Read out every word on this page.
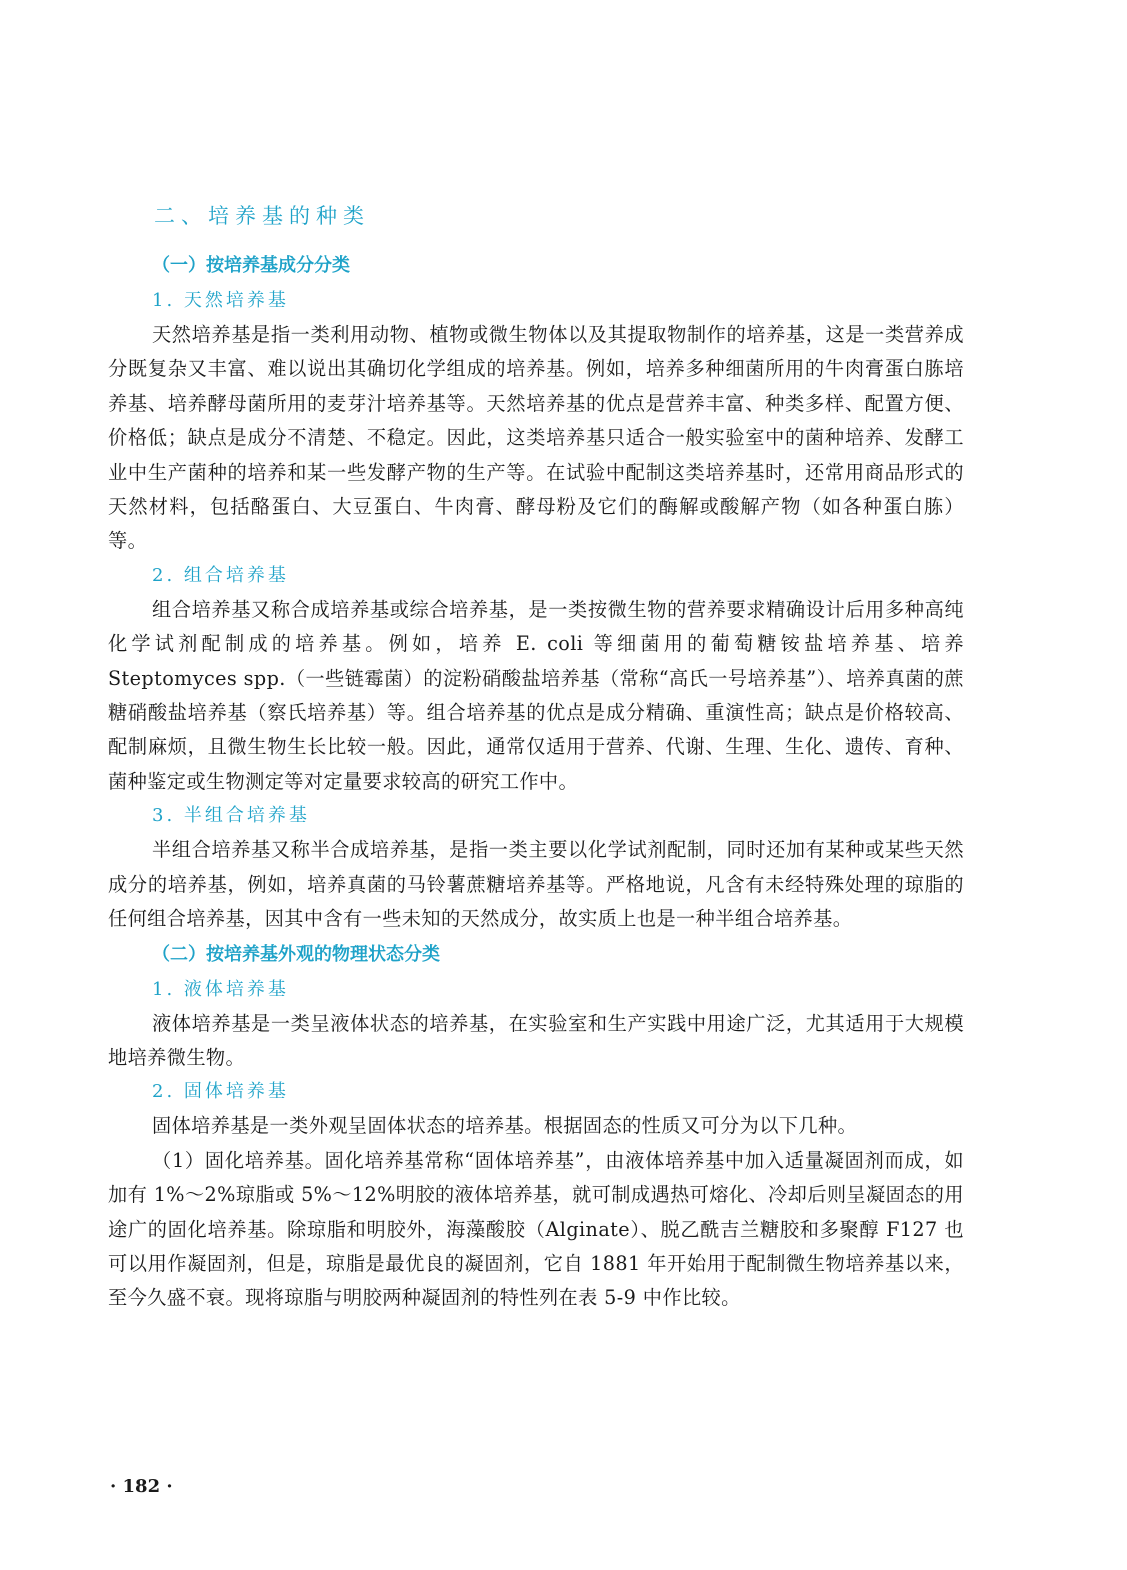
二、培养基的种类
（一）按培养基成分分类
1. 天然培养基

天然培养基是指一类利用动物、植物或微生物体以及其提取物制作的培养基，这是一类营养成分既复杂又丰富、难以说出其确切化学组成的培养基。例如，培养多种细菌所用的牛肉膏蛋白胨培养基、培养酵母菌所用的麦芽汁培养基等。天然培养基的优点是营养丰富、种类多样、配置方便、价格低；缺点是成分不清楚、不稳定。因此，这类培养基只适合一般实验室中的菌种培养、发酵工业中生产菌种的培养和某一些发酵产物的生产等。在试验中配制这类培养基时，还常用商品形式的天然材料，包括酪蛋白、大豆蛋白、牛肉膏、酵母粉及它们的酶解或酸解产物（如各种蛋白胨）等。

2. 组合培养基

组合培养基又称合成培养基或综合培养基，是一类按微生物的营养要求精确设计后用多种高纯化学试剂配制成的培养基。例如，培养 E. coli 等细菌用的葡萄糖铵盐培养基、培养 Steptomyces spp.（一些链霉菌）的淀粉硝酸盐培养基（常称“高氏一号培养基”）、培养真菌的蔗糖硝酸盐培养基（察氏培养基）等。组合培养基的优点是成分精确、重演性高；缺点是价格较高、配制麻烦，且微生物生长比较一般。因此，通常仅适用于营养、代谢、生理、生化、遗传、育种、菌种鉴定或生物测定等对定量要求较高的研究工作中。

3. 半组合培养基

半组合培养基又称半合成培养基，是指一类主要以化学试剂配制，同时还加有某种或某些天然成分的培养基，例如，培养真菌的马铃薯蔗糖培养基等。严格地说，凡含有未经特殊处理的琼脂的任何组合培养基，因其中含有一些未知的天然成分，故实质上也是一种半组合培养基。

（二）按培养基外观的物理状态分类
1. 液体培养基

液体培养基是一类呈液体状态的培养基，在实验室和生产实践中用途广泛，尤其适用于大规模地培养微生物。

2. 固体培养基

固体培养基是一类外观呈固体状态的培养基。根据固态的性质又可分为以下几种。

（1）固化培养基。固化培养基常称“固体培养基”，由液体培养基中加入适量凝固剂而成，如加有 1%～2%琼脂或 5%～12%明胶的液体培养基，就可制成遇热可熔化、冷却后则呈凝固态的用途广的固化培养基。除琼脂和明胶外，海藻酸胶（Alginate）、脱乙酰吉兰糖胶和多聚醇 F127 也可以用作凝固剂，但是，琼脂是最优良的凝固剂，它自 1881 年开始用于配制微生物培养基以来，至今久盛不衰。现将琼脂与明胶两种凝固剂的特性列在表 5-9 中作比较。

· 182 ·
